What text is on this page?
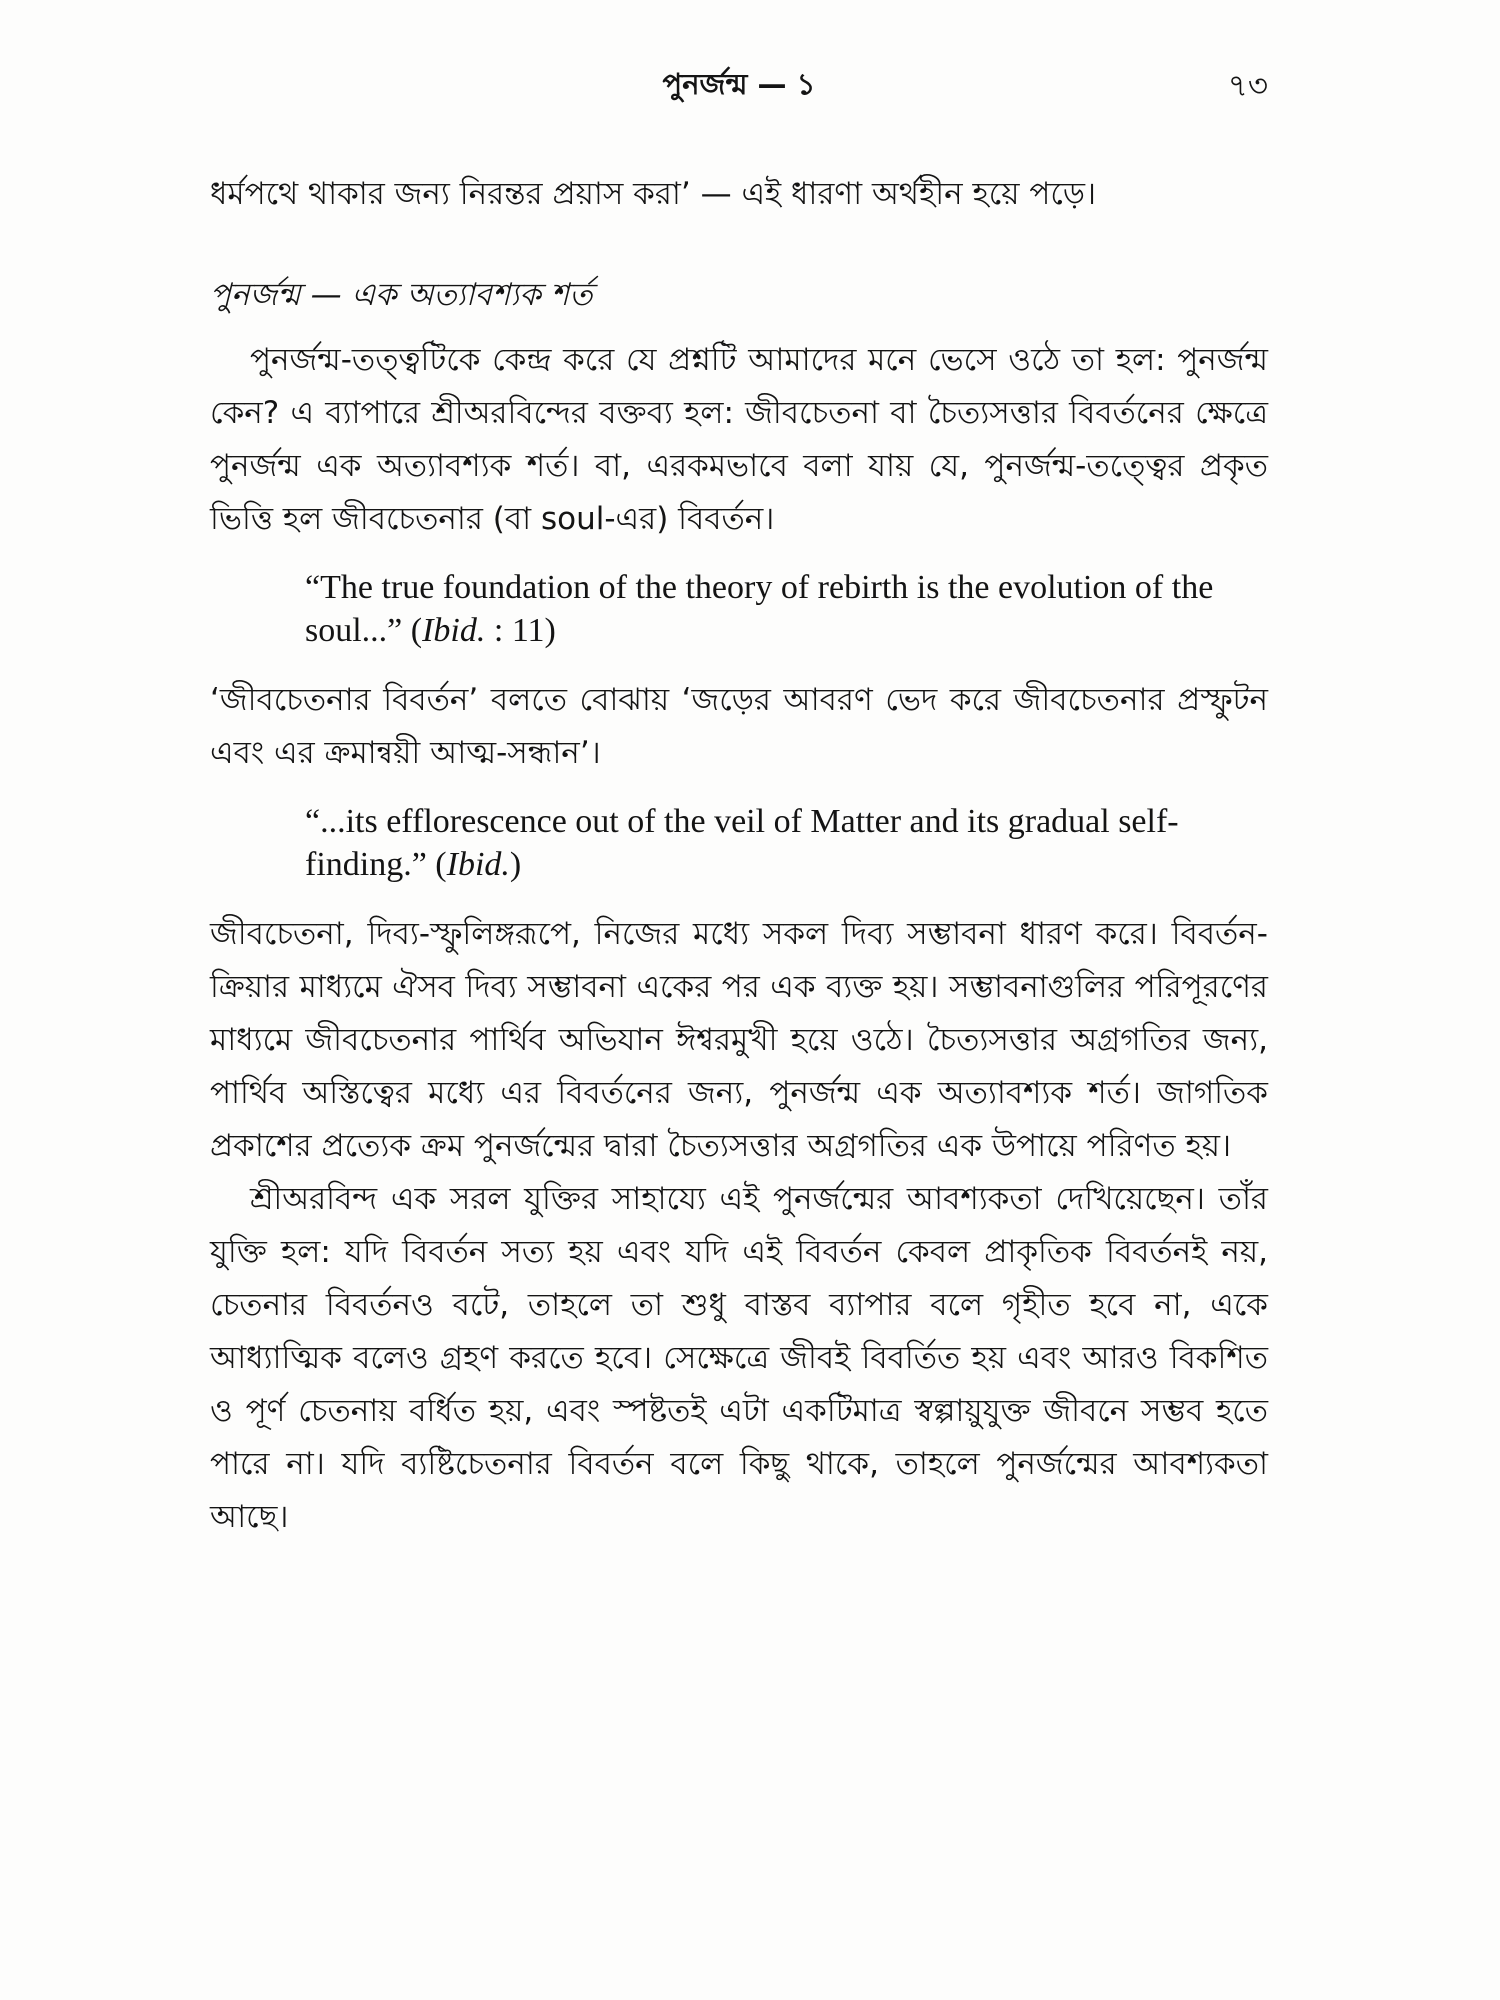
পুনর্জন্ম — ১	৭৩

ধর্মপথে থাকার জন্য নিরন্তর প্রয়াস করা’ — এই ধারণা অর্থহীন হয়ে পড়ে।

পুনর্জন্ম — এক অত্যাবশ্যক শর্ত

পুনর্জন্ম-তত্ত্বটিকে কেন্দ্র করে যে প্রশ্নটি আমাদের মনে ভেসে ওঠে তা হল: পুনর্জন্ম কেন? এ ব্যাপারে শ্রীঅরবিন্দের বক্তব্য হল: জীবচেতনা বা চৈত্যসত্তার বিবর্তনের ক্ষেত্রে পুনর্জন্ম এক অত্যাবশ্যক শর্ত। বা, এরকমভাবে বলা যায় যে, পুনর্জন্ম-তত্ত্বের প্রকৃত ভিত্তি হল জীবচেতনার (বা soul-এর) বিবর্তন।

“The true foundation of the theory of rebirth is the evolution of the soul...” (Ibid. : 11)

‘জীবচেতনার বিবর্তন’ বলতে বোঝায় ‘জড়ের আবরণ ভেদ করে জীবচেতনার প্রস্ফুটন এবং এর ক্রমান্বয়ী আত্ম-সন্ধান’।

“...its efflorescence out of the veil of Matter and its gradual self-finding.” (Ibid.)

জীবচেতনা, দিব্য-স্ফুলিঙ্গরূপে, নিজের মধ্যে সকল দিব্য সম্ভাবনা ধারণ করে। বিবর্তন-ক্রিয়ার মাধ্যমে ঐসব দিব্য সম্ভাবনা একের পর এক ব্যক্ত হয়। সম্ভাবনাগুলির পরিপূরণের মাধ্যমে জীবচেতনার পার্থিব অভিযান ঈশ্বরমুখী হয়ে ওঠে। চৈত্যসত্তার অগ্রগতির জন্য, পার্থিব অস্তিত্বের মধ্যে এর বিবর্তনের জন্য, পুনর্জন্ম এক অত্যাবশ্যক শর্ত। জাগতিক প্রকাশের প্রত্যেক ক্রম পুনর্জন্মের দ্বারা চৈত্যসত্তার অগ্রগতির এক উপায়ে পরিণত হয়।

শ্রীঅরবিন্দ এক সরল যুক্তির সাহায্যে এই পুনর্জন্মের আবশ্যকতা দেখিয়েছেন। তাঁর যুক্তি হল: যদি বিবর্তন সত্য হয় এবং যদি এই বিবর্তন কেবল প্রাকৃতিক বিবর্তনই নয়, চেতনার বিবর্তনও বটে, তাহলে তা শুধু বাস্তব ব্যাপার বলে গৃহীত হবে না, একে আধ্যাত্মিক বলেও গ্রহণ করতে হবে। সেক্ষেত্রে জীবই বিবর্তিত হয় এবং আরও বিকশিত ও পূর্ণ চেতনায় বর্ধিত হয়, এবং স্পষ্টতই এটা একটিমাত্র স্বল্পায়ুযুক্ত জীবনে সম্ভব হতে পারে না। যদি ব্যষ্টিচেতনার বিবর্তন বলে কিছু থাকে, তাহলে পুনর্জন্মের আবশ্যকতা আছে।
